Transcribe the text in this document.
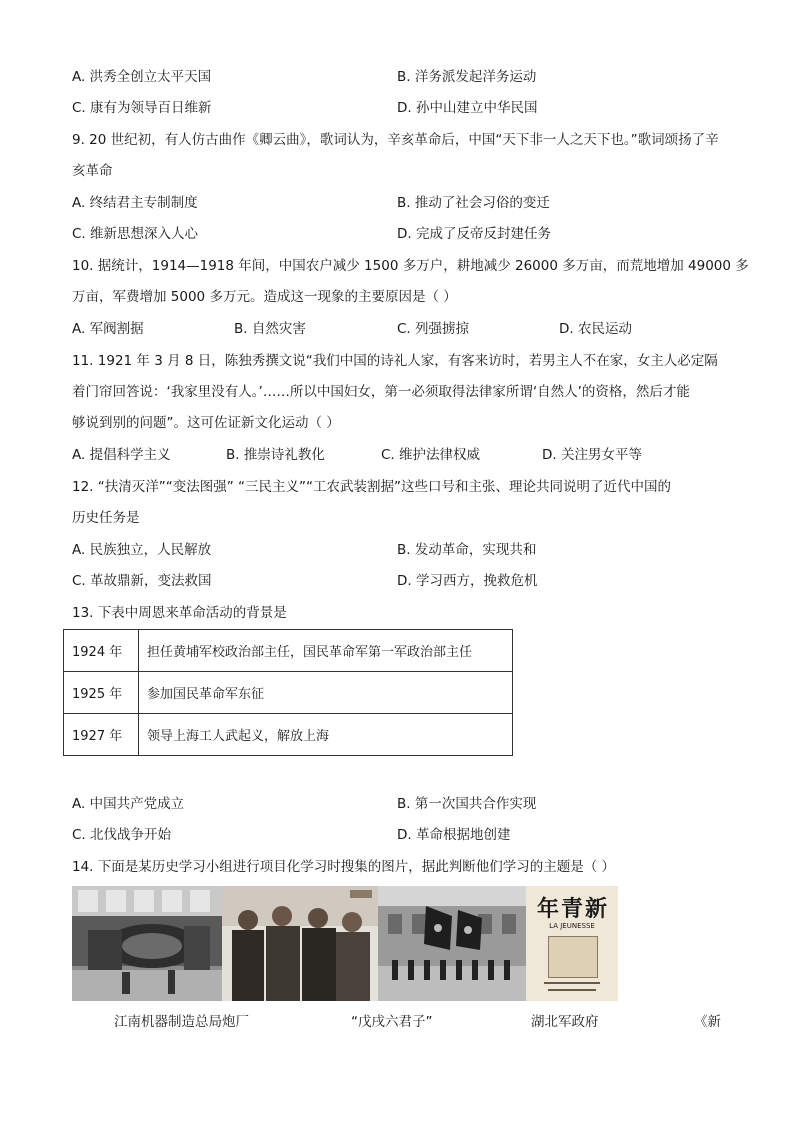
A. 洪秀全创立太平天国	B. 洋务派发起洋务运动
C. 康有为领导百日维新	D. 孙中山建立中华民国
9. 20 世纪初，有人仿古曲作《卿云曲》，歌词认为，辛亥革命后，中国“天下非一人之天下也。”歌词颂扬了辛
亥革命
A. 终结君主专制制度	B. 推动了社会习俗的变迁
C. 维新思想深入人心	D. 完成了反帝反封建任务
10. 据统计，1914—1918 年间，中国农户减少 1500 多万户，耕地减少 26000 多万亩，而荒地增加 49000 多
万亩，军费增加 5000 多万元。造成这一现象的主要原因是（ ）
A. 军阀割据	B. 自然灾害	C. 列强掳掠	D. 农民运动
11. 1921 年 3 月 8 日，陈独秀撰文说“我们中国的诗礼人家，有客来访时，若男主人不在家，女主人必定隔
着门帘回答说：‘我家里没有人。’……所以中国妇女，第一必须取得法律家所谓‘自然人’的资格，然后才能
够说到别的问题”。这可佐证新文化运动（ ）
A. 提倡科学主义	B. 推崇诗礼教化	C. 维护法律权威	D. 关注男女平等
12. “扶清灭洋”“变法图强” “三民主义”“工农武装割据”这些口号和主张、理论共同说明了近代中国的
历史任务是
A. 民族独立，人民解放	B. 发动革命，实现共和
C. 革故鼎新，变法救国	D. 学习西方，挽救危机
13. 下表中周恩来革命活动的背景是
1924 年	担任黄埔军校政治部主任，国民革命军第一军政治部主任
1925 年	参加国民革命军东征
1927 年	领导上海工人武起义，解放上海
A. 中国共产党成立	B. 第一次国共合作实现
C. 北伐战争开始	D. 革命根据地创建
14. 下面是某历史学习小组进行项目化学习时搜集的图片，据此判断他们学习的主题是（ ）
年青新
LA JEUNESSE
江南机器制造总局炮厂	“戊戌六君子”	湖北军政府	《新
